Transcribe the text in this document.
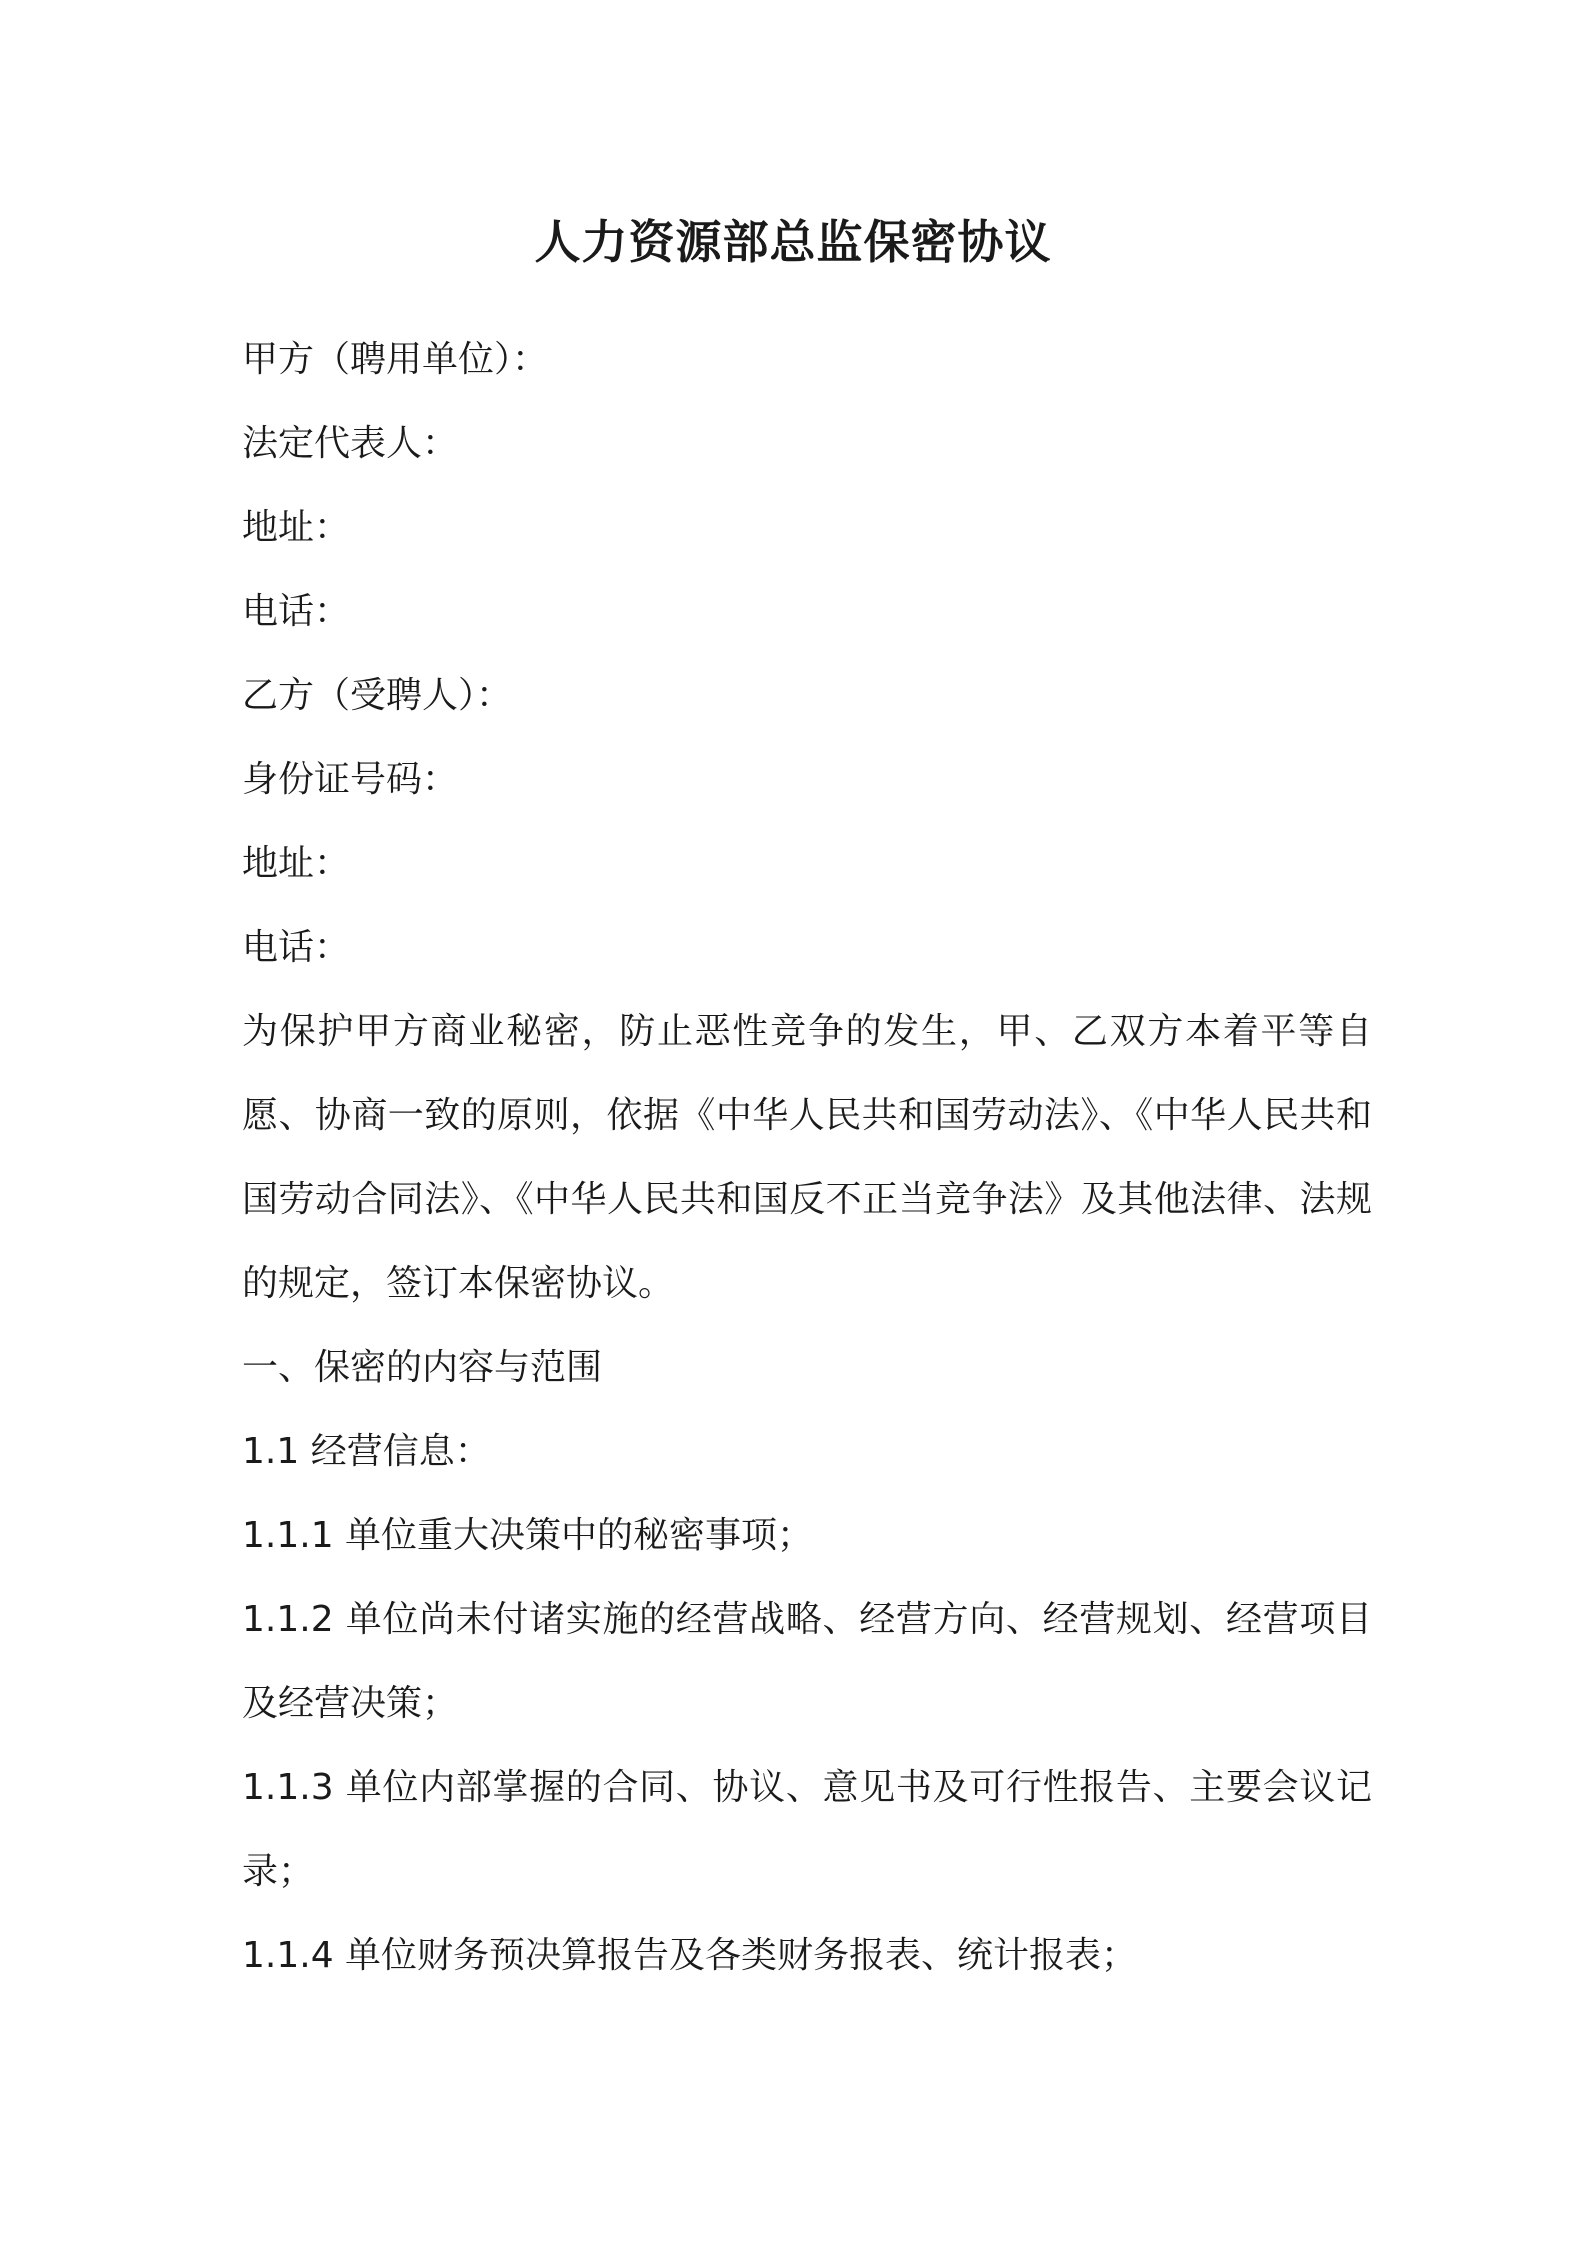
人力资源部总监保密协议

甲方（聘用单位）：

法定代表人：

地址：

电话：

乙方（受聘人）：

身份证号码：

地址：

电话：

为保护甲方商业秘密，防止恶性竞争的发生，甲、乙双方本着平等自愿、协商一致的原则，依据《中华人民共和国劳动法》、《中华人民共和国劳动合同法》、《中华人民共和国反不正当竞争法》及其他法律、法规的规定，签订本保密协议。

一、保密的内容与范围

1.1 经营信息：

1.1.1 单位重大决策中的秘密事项；

1.1.2 单位尚未付诸实施的经营战略、经营方向、经营规划、经营项目及经营决策；

1.1.3 单位内部掌握的合同、协议、意见书及可行性报告、主要会议记录；

1.1.4 单位财务预决算报告及各类财务报表、统计报表；
